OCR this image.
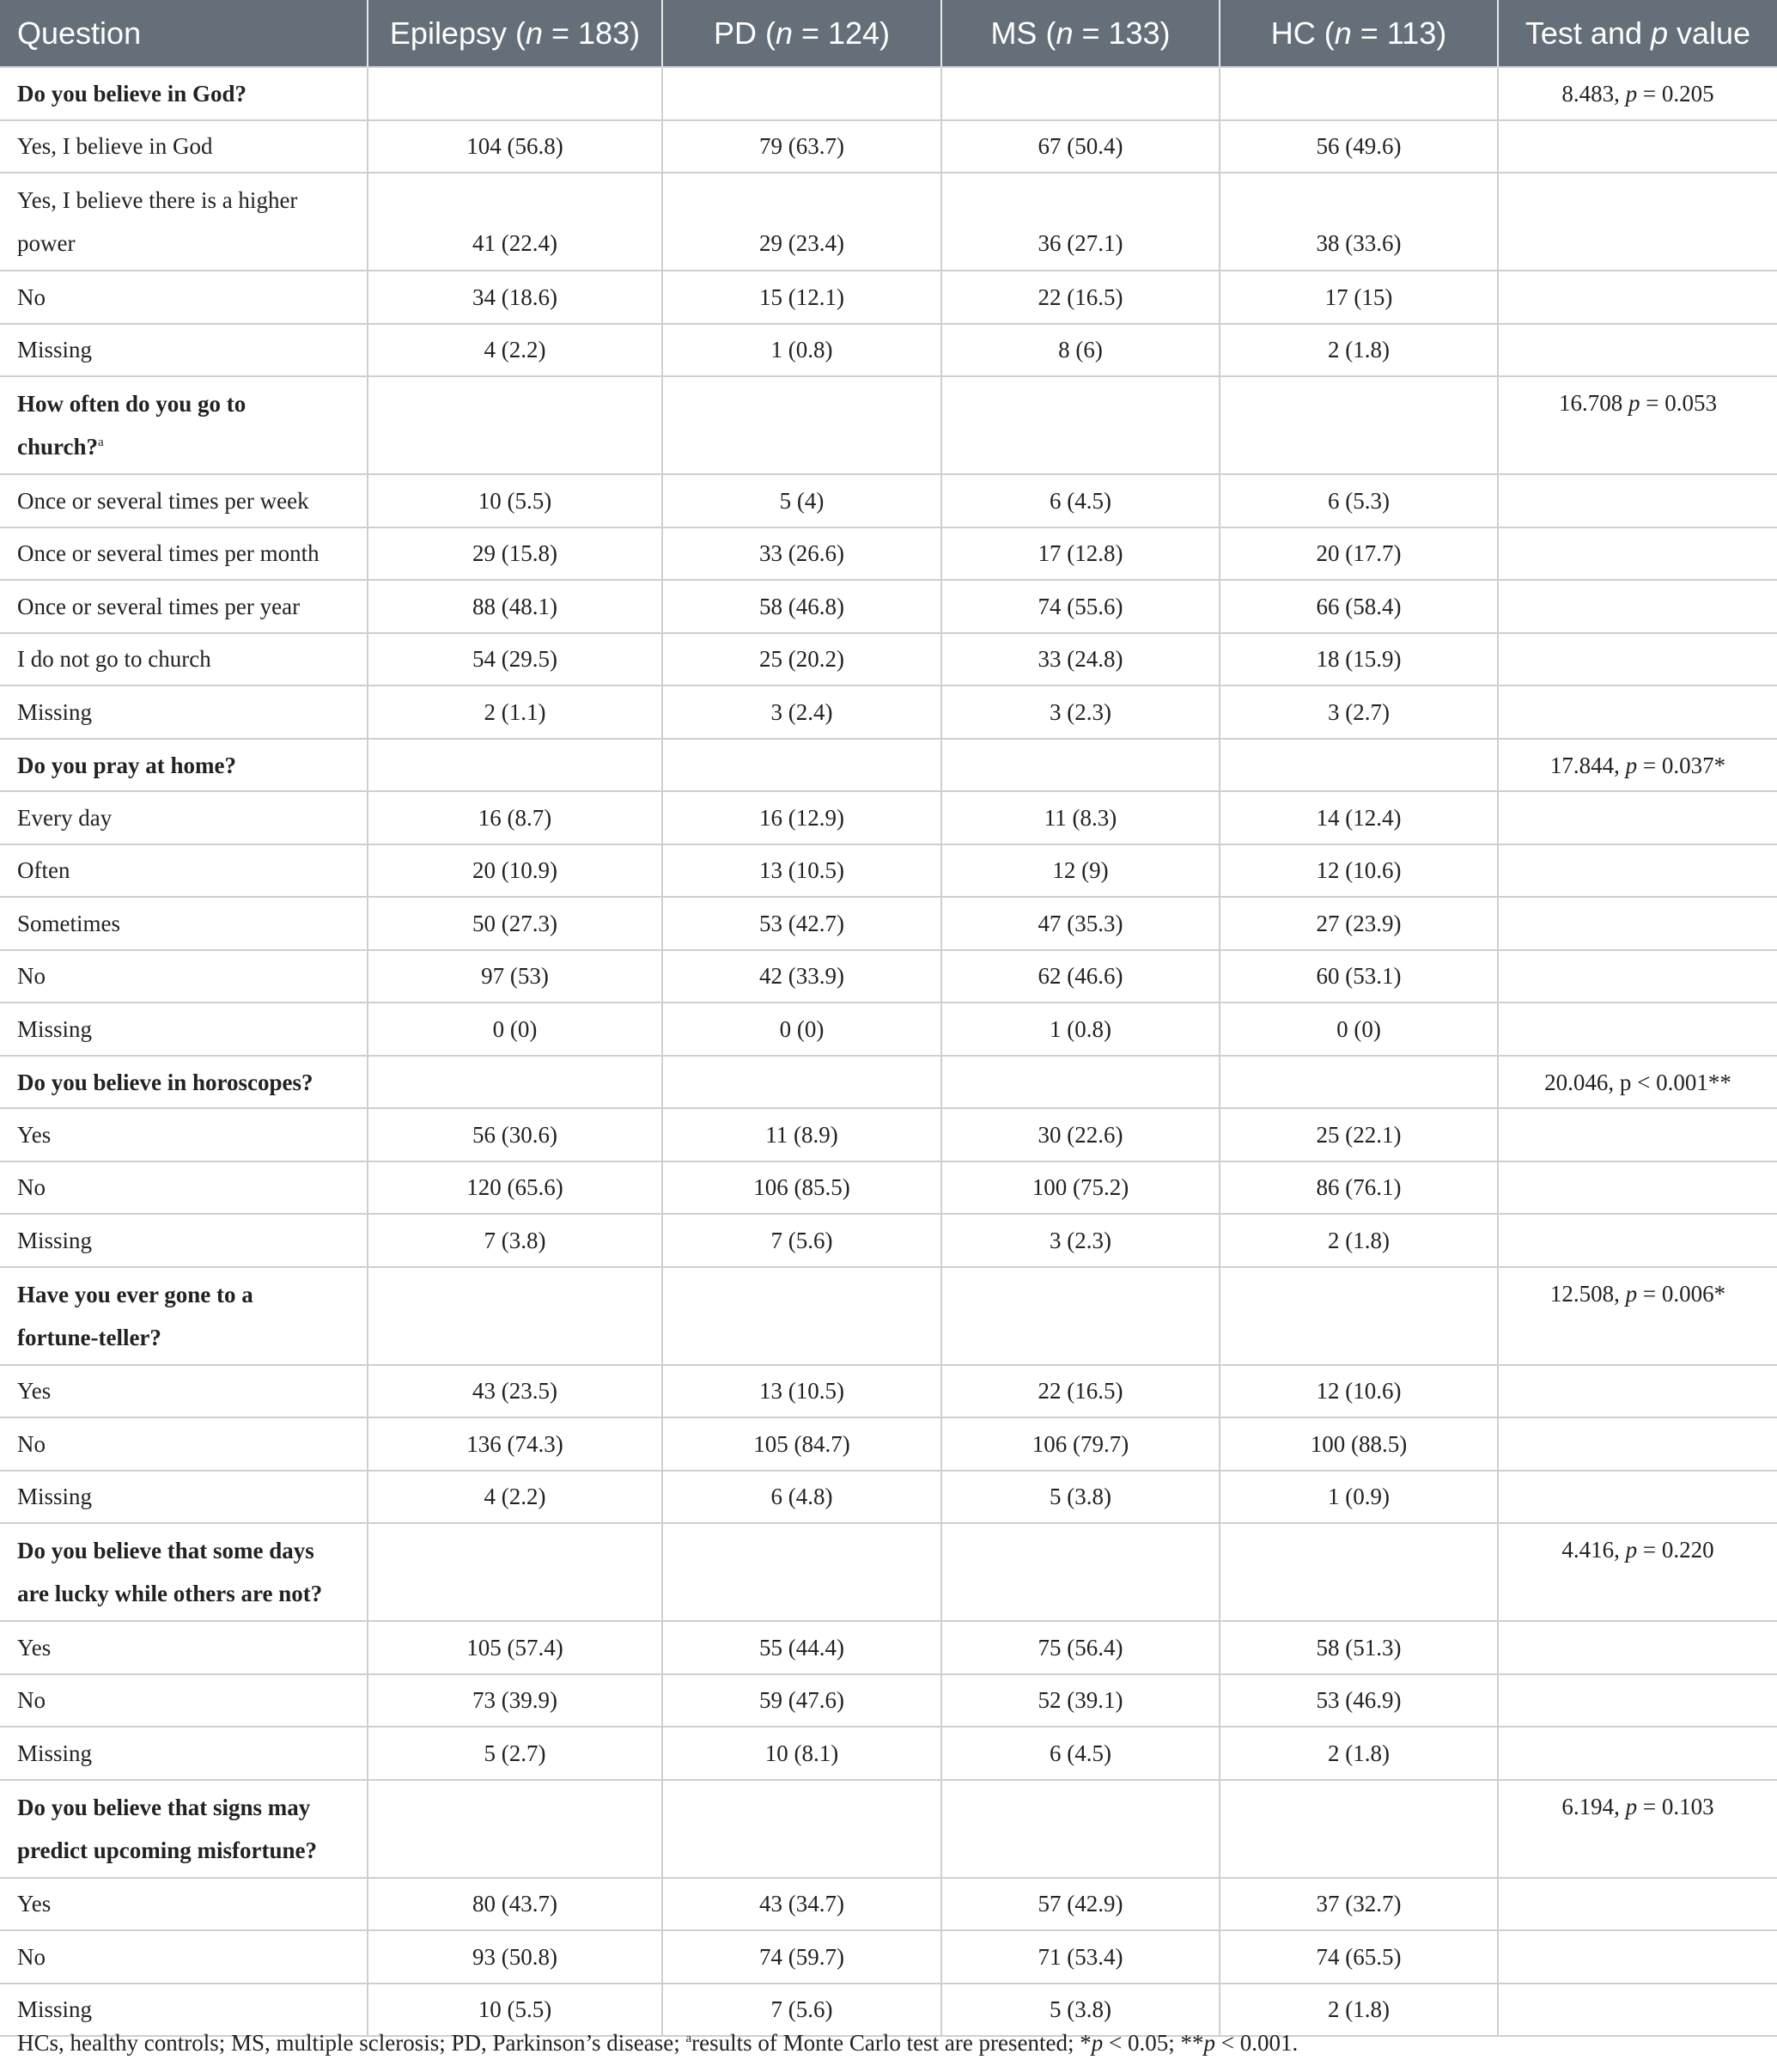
Question	Epilepsy (n = 183)	PD (n = 124)	MS (n = 133)	HC (n = 113)	Test and p value
Do you believe in God?					8.483, p = 0.205
Yes, I believe in God	104 (56.8)	79 (63.7)	67 (50.4)	56 (49.6)	
Yes, I believe there is a higher
power	41 (22.4)	29 (23.4)	36 (27.1)	38 (33.6)	
No	34 (18.6)	15 (12.1)	22 (16.5)	17 (15)	
Missing	4 (2.2)	1 (0.8)	8 (6)	2 (1.8)	
How often do you go to
church?$^a$					16.708 p = 0.053
Once or several times per week	10 (5.5)	5 (4)	6 (4.5)	6 (5.3)	
Once or several times per month	29 (15.8)	33 (26.6)	17 (12.8)	20 (17.7)	
Once or several times per year	88 (48.1)	58 (46.8)	74 (55.6)	66 (58.4)	
I do not go to church	54 (29.5)	25 (20.2)	33 (24.8)	18 (15.9)	
Missing	2 (1.1)	3 (2.4)	3 (2.3)	3 (2.7)	
Do you pray at home?					17.844, p = 0.037*
Every day	16 (8.7)	16 (12.9)	11 (8.3)	14 (12.4)	
Often	20 (10.9)	13 (10.5)	12 (9)	12 (10.6)	
Sometimes	50 (27.3)	53 (42.7)	47 (35.3)	27 (23.9)	
No	97 (53)	42 (33.9)	62 (46.6)	60 (53.1)	
Missing	0 (0)	0 (0)	1 (0.8)	0 (0)	
Do you believe in horoscopes?					20.046, p < 0.001**
Yes	56 (30.6)	11 (8.9)	30 (22.6)	25 (22.1)	
No	120 (65.6)	106 (85.5)	100 (75.2)	86 (76.1)	
Missing	7 (3.8)	7 (5.6)	3 (2.3)	2 (1.8)	
Have you ever gone to a
fortune-teller?					12.508, p = 0.006*
Yes	43 (23.5)	13 (10.5)	22 (16.5)	12 (10.6)	
No	136 (74.3)	105 (84.7)	106 (79.7)	100 (88.5)	
Missing	4 (2.2)	6 (4.8)	5 (3.8)	1 (0.9)	
Do you believe that some days
are lucky while others are not?					4.416, p = 0.220
Yes	105 (57.4)	55 (44.4)	75 (56.4)	58 (51.3)	
No	73 (39.9)	59 (47.6)	52 (39.1)	53 (46.9)	
Missing	5 (2.7)	10 (8.1)	6 (4.5)	2 (1.8)	
Do you believe that signs may
predict upcoming misfortune?					6.194, p = 0.103
Yes	80 (43.7)	43 (34.7)	57 (42.9)	37 (32.7)	
No	93 (50.8)	74 (59.7)	71 (53.4)	74 (65.5)	
Missing	10 (5.5)	7 (5.6)	5 (3.8)	2 (1.8)	
HCs, healthy controls; MS, multiple sclerosis; PD, Parkinson’s disease; $^a$results of Monte Carlo test are presented; *p < 0.05; **p < 0.001.
